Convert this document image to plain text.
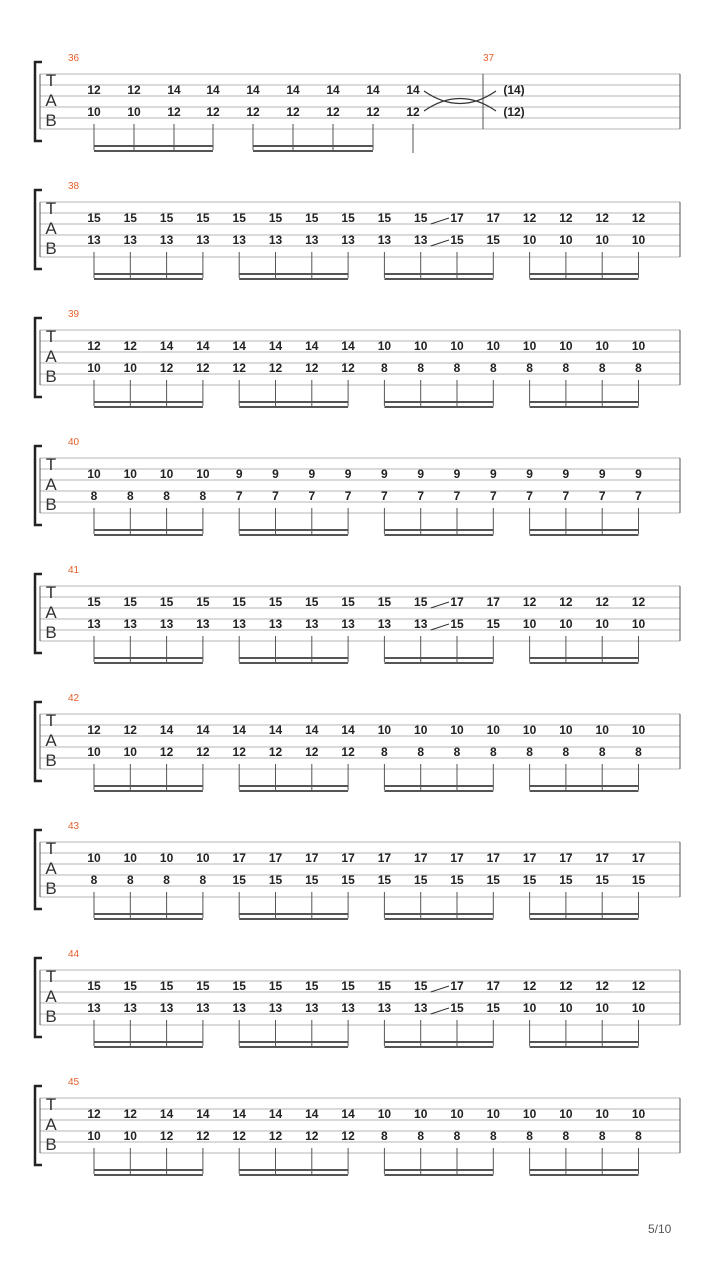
T
A
B
36
12
10
12
10
14
12
14
12
14
12
14
12
14
12
14
12
14
12
37
(14)
(12)
T
A
B
38
15
13
15
13
15
13
15
13
15
13
15
13
15
13
15
13
15
13
15
13
17
15
17
15
12
10
12
10
12
10
12
10
T
A
B
39
12
10
12
10
14
12
14
12
14
12
14
12
14
12
14
12
10
8
10
8
10
8
10
8
10
8
10
8
10
8
10
8
T
A
B
40
10
8
10
8
10
8
10
8
9
7
9
7
9
7
9
7
9
7
9
7
9
7
9
7
9
7
9
7
9
7
9
7
T
A
B
41
15
13
15
13
15
13
15
13
15
13
15
13
15
13
15
13
15
13
15
13
17
15
17
15
12
10
12
10
12
10
12
10
T
A
B
42
12
10
12
10
14
12
14
12
14
12
14
12
14
12
14
12
10
8
10
8
10
8
10
8
10
8
10
8
10
8
10
8
T
A
B
43
10
8
10
8
10
8
10
8
17
15
17
15
17
15
17
15
17
15
17
15
17
15
17
15
17
15
17
15
17
15
17
15
T
A
B
44
15
13
15
13
15
13
15
13
15
13
15
13
15
13
15
13
15
13
15
13
17
15
17
15
12
10
12
10
12
10
12
10
T
A
B
45
12
10
12
10
14
12
14
12
14
12
14
12
14
12
14
12
10
8
10
8
10
8
10
8
10
8
10
8
10
8
10
8
5/10
